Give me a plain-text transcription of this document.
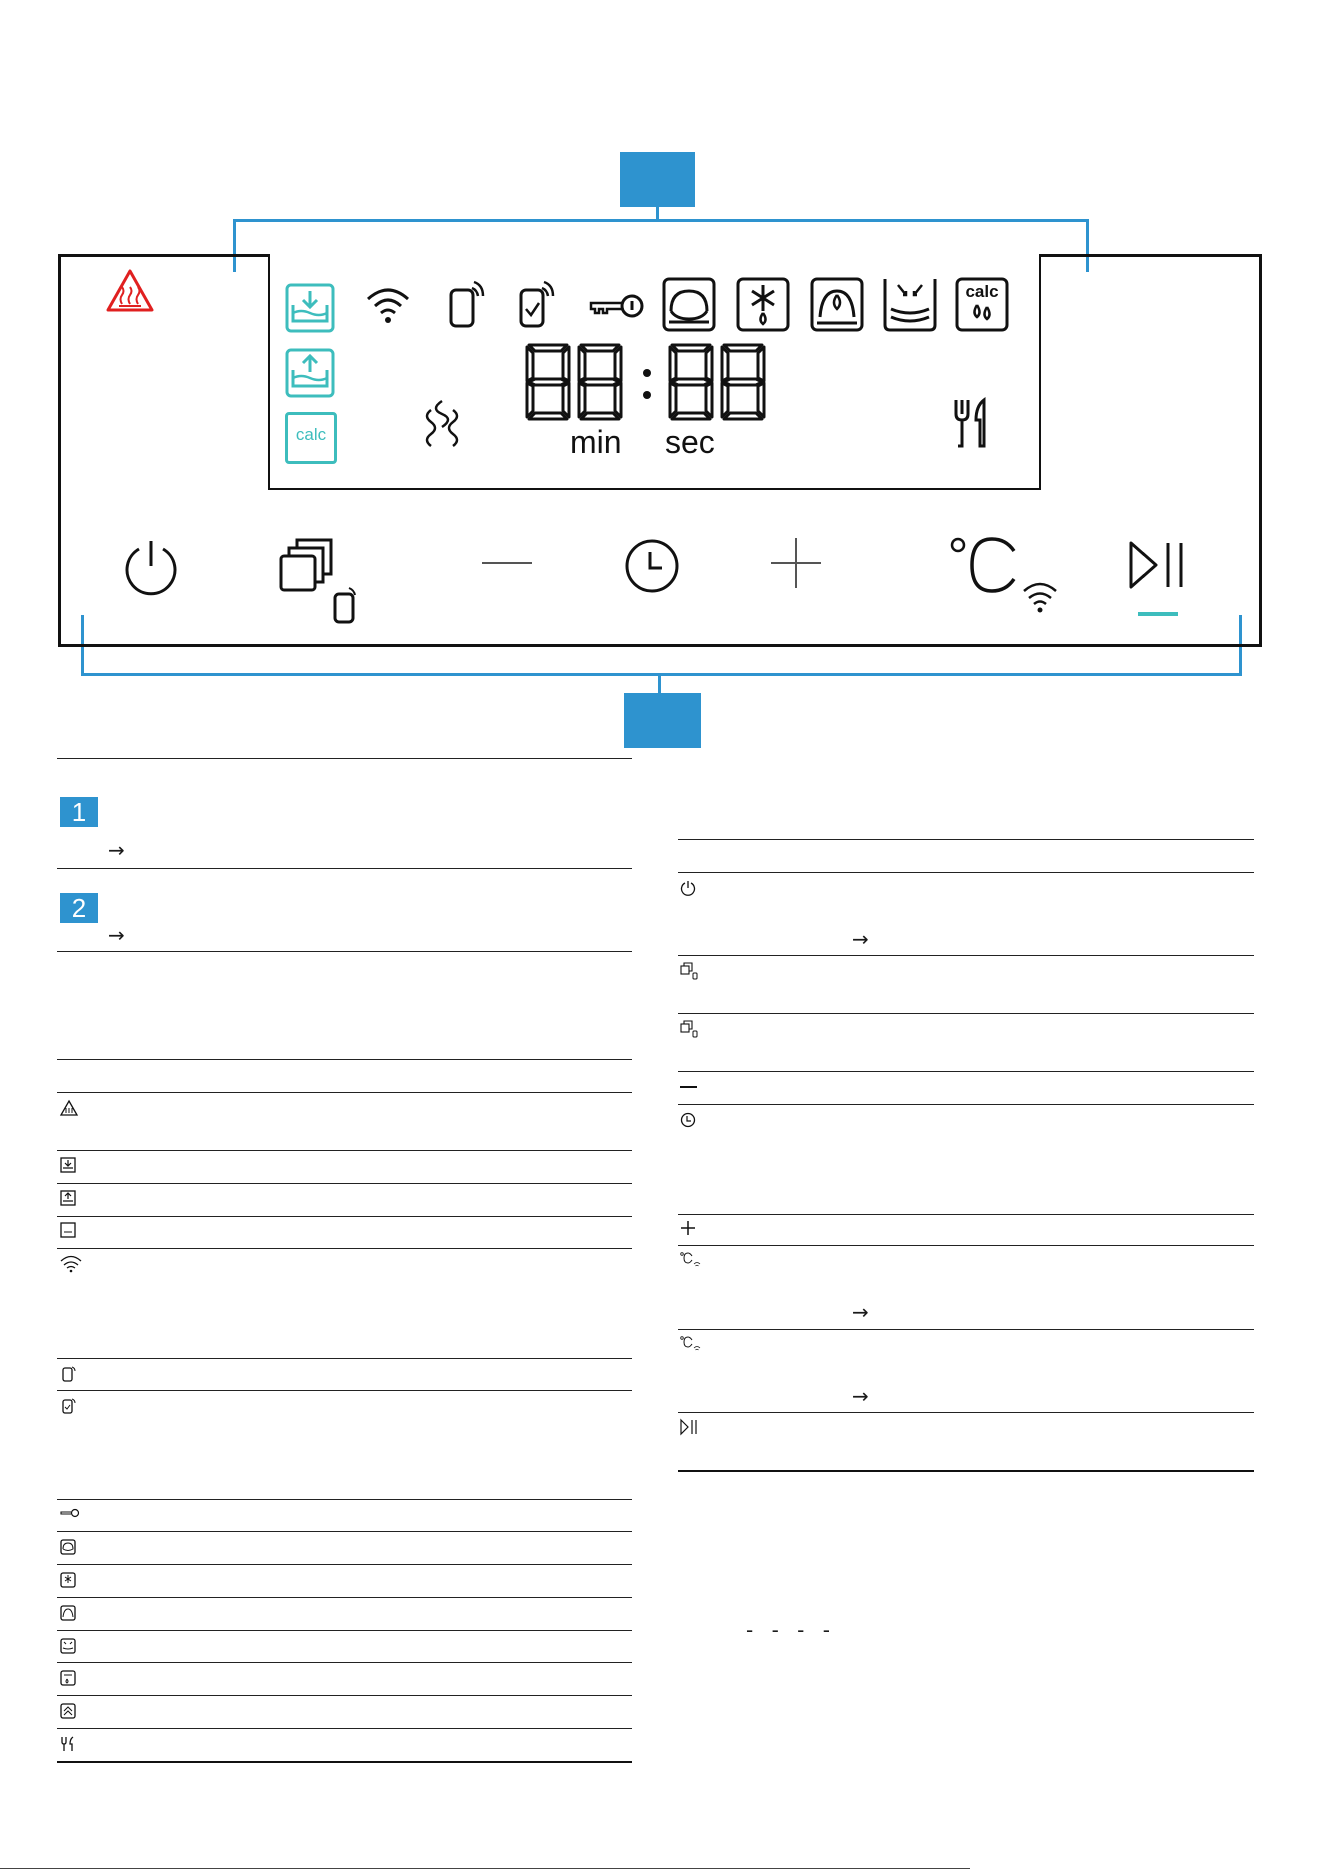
calc
calc
min sec
1
→
2
→	→
→
→
- - - -
